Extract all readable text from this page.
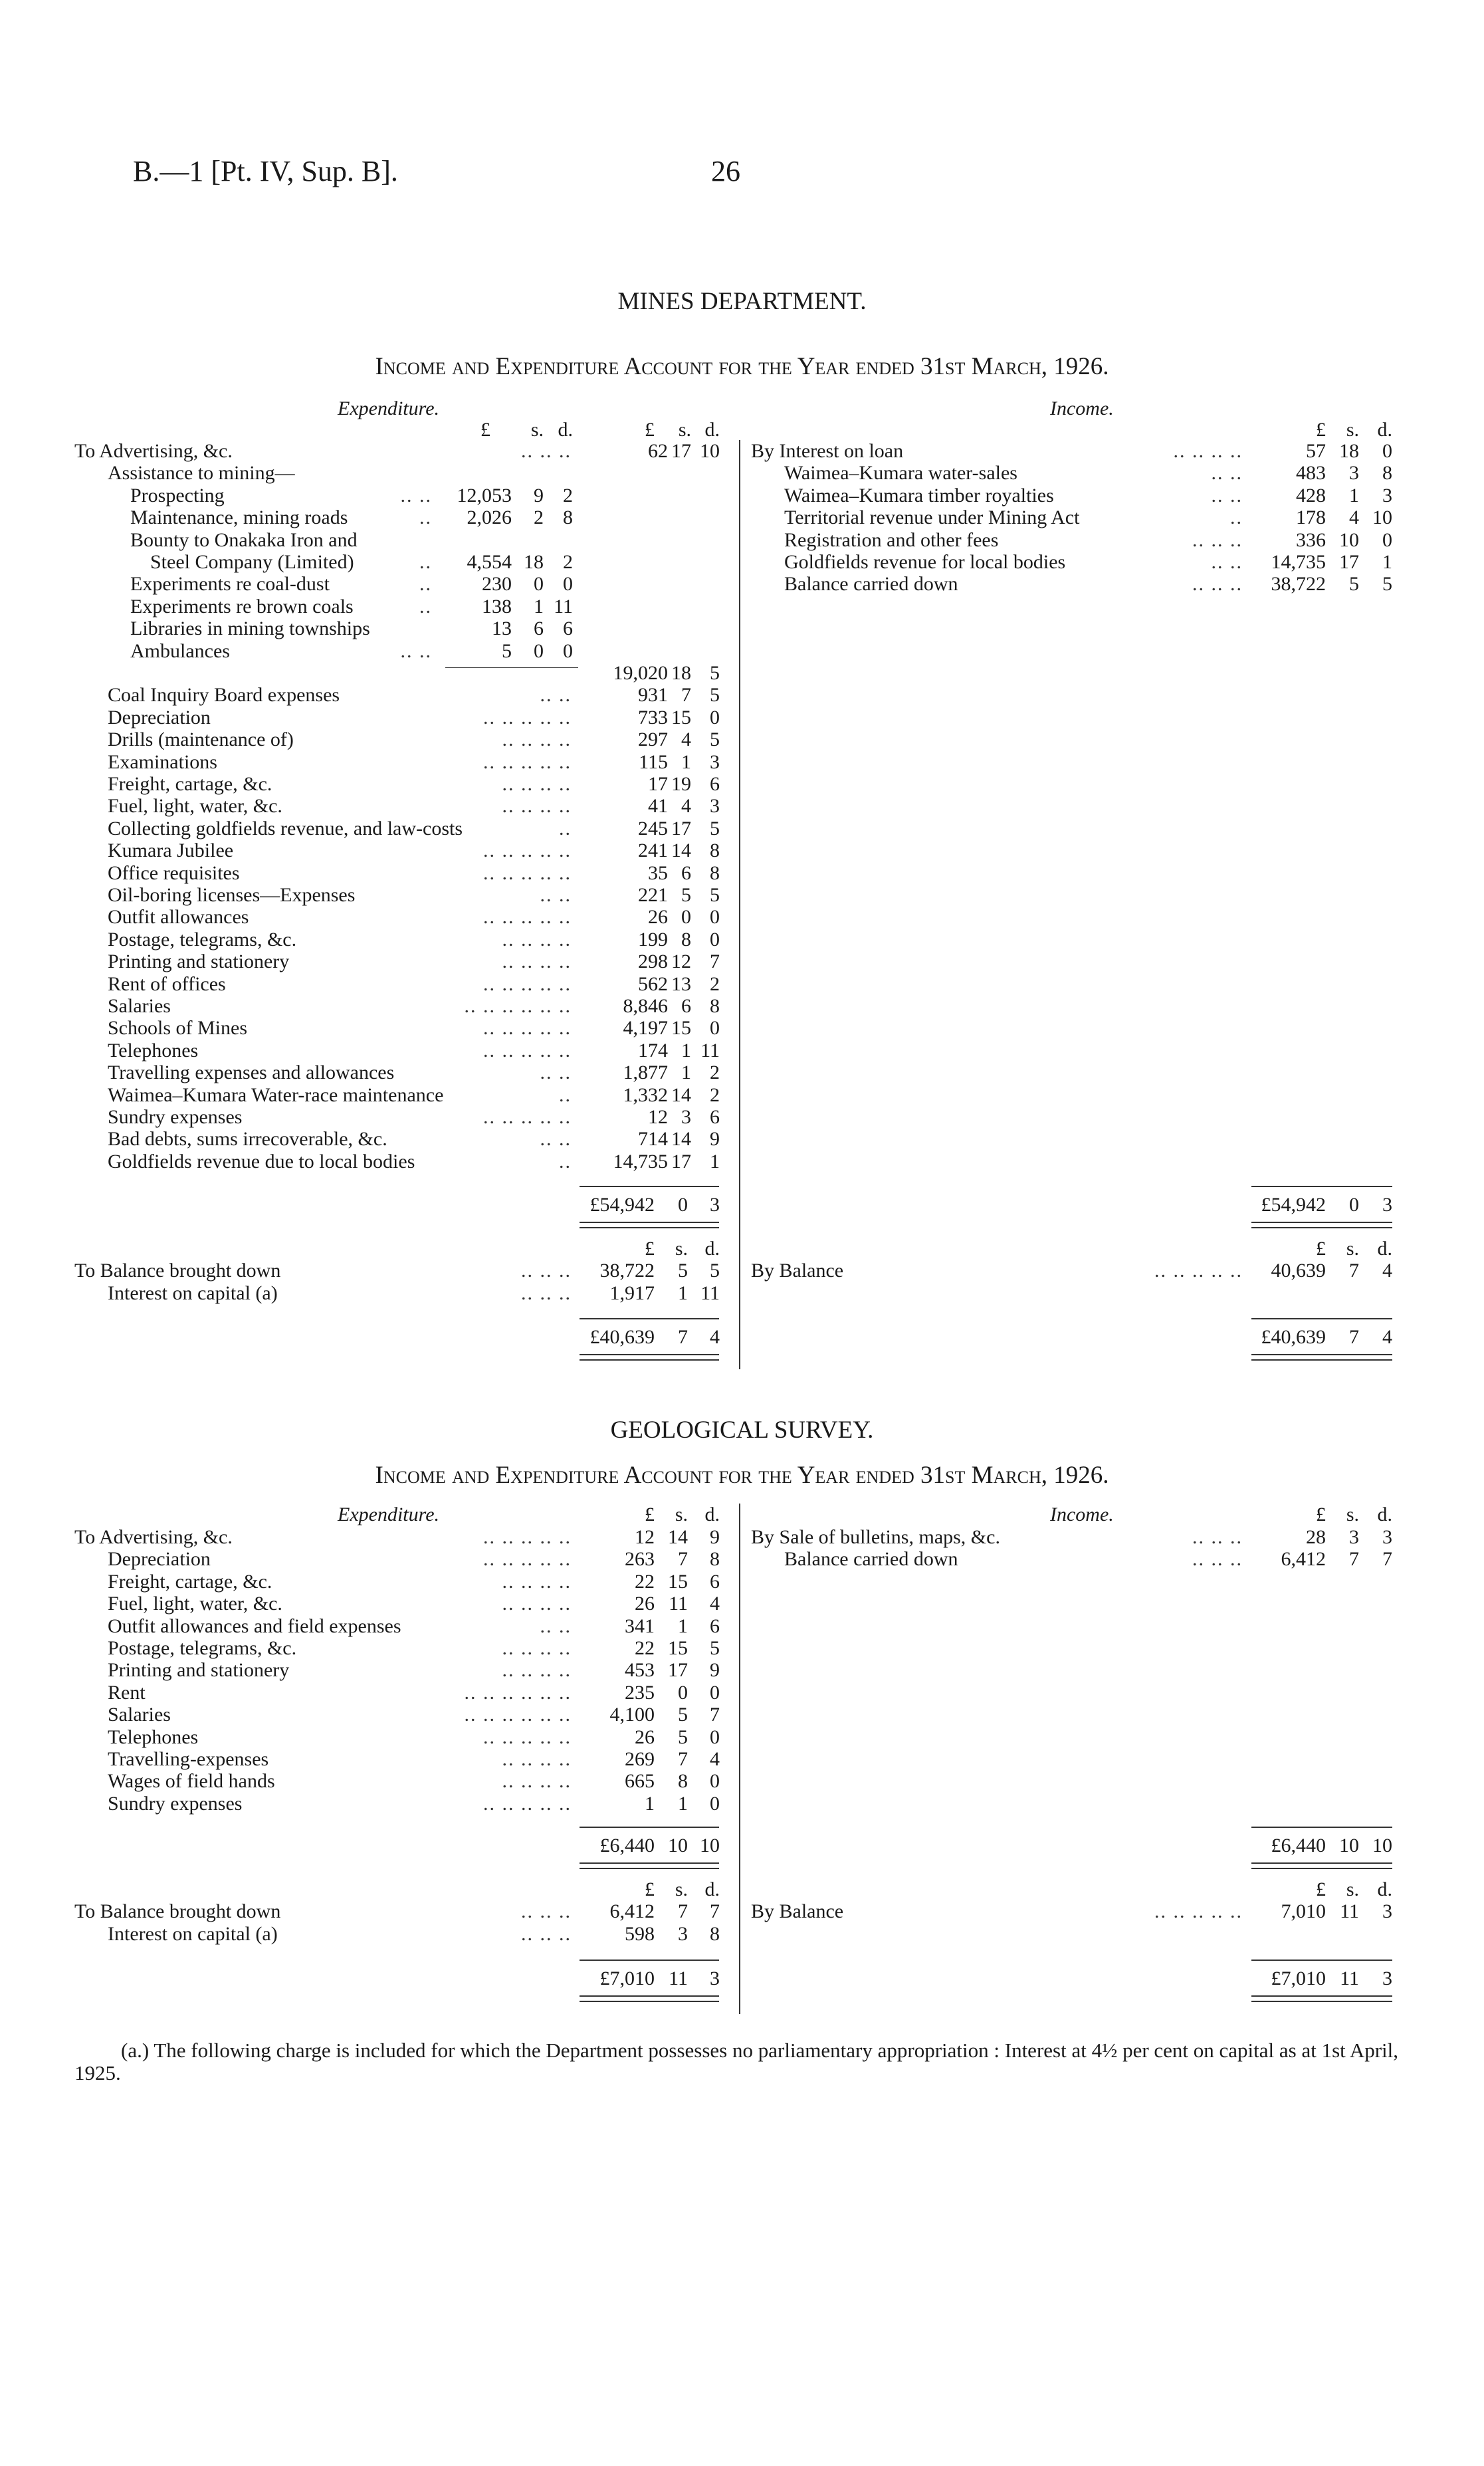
B.—1 [Pt. IV, Sup. B].	26
MINES DEPARTMENT.
Income and Expenditure Account for the Year ended 31st March, 1926.
Expenditure.	Income.
£ s. d.	£ s. d.	£ s. d.
To Advertising, &c.	.. .. ..	62 17 10
Assistance to mining—
Prospecting	.. .. 12,053 9 2
Maintenance, mining roads	.. 2,026 2 8
Bounty to Onakaka Iron and
Steel Company (Limited)	.. 4,554 18 2
Experiments re coal-dust	..	230 0 0
Experiments re brown coals	..	138 1 11
Libraries in mining townships	13 6 6
Ambulances	.. ..	5 0 0
19,020 18 5
Coal Inquiry Board expenses	.. ..	931 7 5
Depreciation	.. .. .. .. ..	733 15 0
Drills (maintenance of)	.. .. .. ..	297 4 5
Examinations	.. .. .. .. ..	115 1 3
Freight, cartage, &c.	.. .. .. ..	17 19 6
Fuel, light, water, &c.	.. .. .. ..	41 4 3
Collecting goldfields revenue, and law-costs	..	245 17 5
Kumara Jubilee	.. .. .. .. ..	241 14 8
Office requisites	.. .. .. .. ..	35 6 8
Oil-boring licenses—Expenses	.. ..	221 5 5
Outfit allowances	.. .. .. .. ..	26 0 0
Postage, telegrams, &c.	.. .. .. ..	199 8 0
Printing and stationery	.. .. .. ..	298 12 7
Rent of offices	.. .. .. .. ..	562 13 2
Salaries	.. .. .. .. .. ..	8,846 6 8
Schools of Mines	.. .. .. .. ..	4,197 15 0
Telephones	.. .. .. .. ..	174 1 11
Travelling expenses and allowances	.. ..	1,877 1 2
Waimea–Kumara Water-race maintenance	..	1,332 14 2
Sundry expenses	.. .. .. .. ..	12 3 6
Bad debts, sums irrecoverable, &c.	.. ..	714 14 9
Goldfields revenue due to local bodies	.. 14,735 17 1
By Interest on loan	.. .. .. ..	57 18 0
Waimea–Kumara water-sales	.. ..	483 3 8
Waimea–Kumara timber royalties	.. ..	428 1 3
Territorial revenue under Mining Act	..	178 4 10
Registration and other fees	.. .. ..	336 10 0
Goldfields revenue for local bodies	.. .. 14,735 17 1
Balance carried down	.. .. .. 38,722 5 5
£54,942 0 3	£54,942 0 3
£ s. d.	£ s. d.
To Balance brought down	.. .. .. 38,722 5 5
Interest on capital (a)	.. .. .. 1,917 1 11
By Balance	.. .. .. .. .. 40,639 7 4
£40,639 7 4	£40,639 7 4
GEOLOGICAL SURVEY.
Income and Expenditure Account for the Year ended 31st March, 1926.
Expenditure.	Income.
£ s. d.
To Advertising, &c.	.. .. .. .. ..	12 14 9
Depreciation	.. .. .. .. ..	263 7 8
Freight, cartage, &c.	.. .. .. ..	22 15 6
Fuel, light, water, &c.	.. .. .. ..	26 11 4
Outfit allowances and field expenses	.. ..	341 1 6
Postage, telegrams, &c.	.. .. .. ..	22 15 5
Printing and stationery	.. .. .. ..	453 17 9
Rent	.. .. .. .. .. ..	235 0 0
Salaries	.. .. .. .. .. .. 4,100 5 7
Telephones	.. .. .. .. ..	26 5 0
Travelling-expenses	.. .. .. ..	269 7 4
Wages of field hands	.. .. .. ..	665 8 0
Sundry expenses	.. .. .. .. ..	1 1 0
By Sale of bulletins, maps, &c.	.. .. ..	28 3 3
Balance carried down	.. .. .. 6,412 7 7
£6,440 10 10	£6,440 10 10
£ s. d.	£ s. d.
To Balance brought down	.. .. .. 6,412 7 7
Interest on capital (a)	.. .. ..	598 3 8
By Balance	.. .. .. .. .. 7,010 11 3
£7,010 11 3	£7,010 11 3
£ s. d.
(a.) The following charge is included for which the Department possesses no parliamentary appropriation : Interest at 4½ per cent on capital as at 1st April, 1925.
